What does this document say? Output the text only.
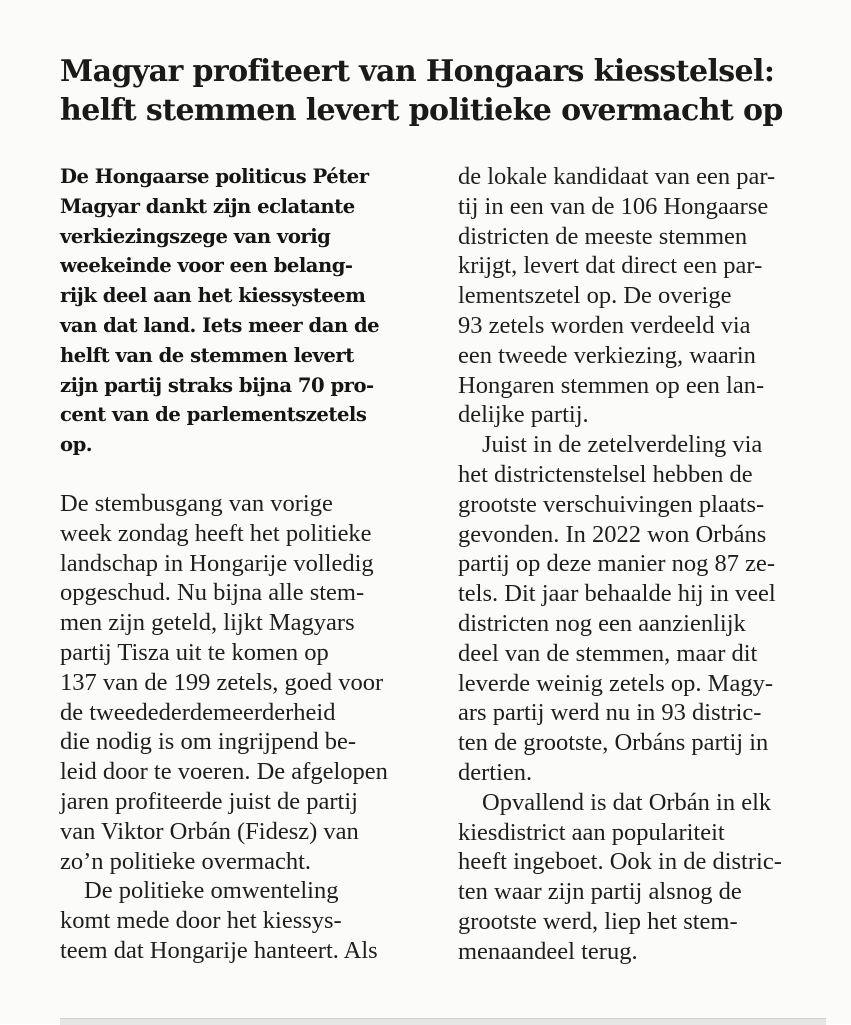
Magyar profiteert van Hongaars kiesstelsel:
helft stemmen levert politieke overmacht op
De Hongaarse politicus Péter
Magyar dankt zijn eclatante
verkiezingszege van vorig
weekeinde voor een belang-
rijk deel aan het kiessysteem
van dat land. Iets meer dan de
helft van de stemmen levert
zijn partij straks bijna 70 pro-
cent van de parlementszetels
op.
De stembusgang van vorige
week zondag heeft het politieke
landschap in Hongarije volledig
opgeschud. Nu bijna alle stem-
men zijn geteld, lijkt Magyars
partij Tisza uit te komen op
137 van de 199 zetels, goed voor
de tweedederdemeerderheid
die nodig is om ingrijpend be-
leid door te voeren. De afgelopen
jaren profiteerde juist de partij
van Viktor Orbán (Fidesz) van
zo’n politieke overmacht.
De politieke omwenteling
komt mede door het kiessys-
teem dat Hongarije hanteert. Als
de lokale kandidaat van een par-
tij in een van de 106 Hongaarse
districten de meeste stemmen
krijgt, levert dat direct een par-
lementszetel op. De overige
93 zetels worden verdeeld via
een tweede verkiezing, waarin
Hongaren stemmen op een lan-
delijke partij.
Juist in de zetelverdeling via
het districtenstelsel hebben de
grootste verschuivingen plaats-
gevonden. In 2022 won Orbáns
partij op deze manier nog 87 ze-
tels. Dit jaar behaalde hij in veel
districten nog een aanzienlijk
deel van de stemmen, maar dit
leverde weinig zetels op. Magy-
ars partij werd nu in 93 distric-
ten de grootste, Orbáns partij in
dertien.
Opvallend is dat Orbán in elk
kiesdistrict aan populariteit
heeft ingeboet. Ook in de distric-
ten waar zijn partij alsnog de
grootste werd, liep het stem-
menaandeel terug.
